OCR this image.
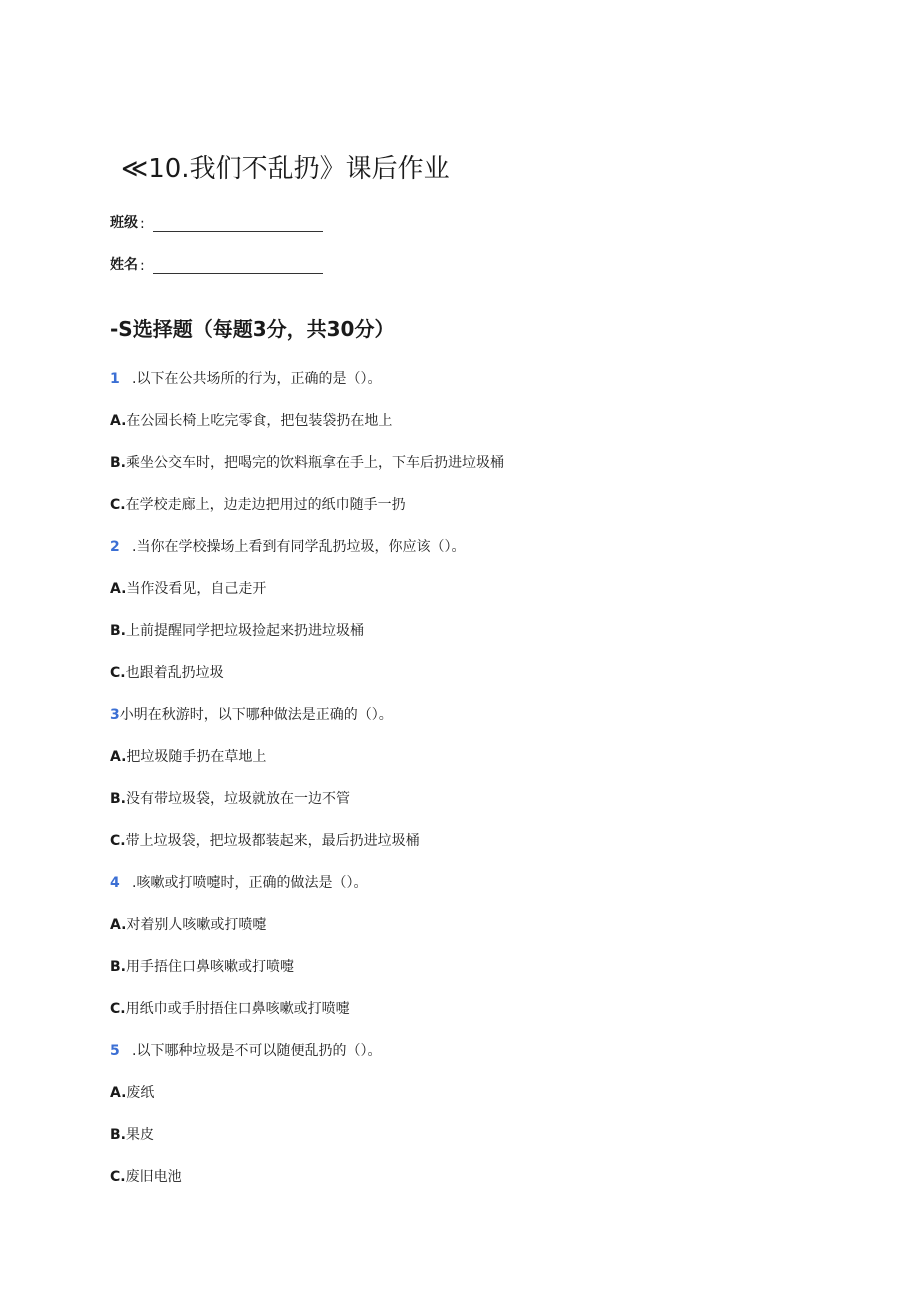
≪10.我们不乱扔》课后作业
班级 :
姓名 :
-S选择题（每题3分，共30分）
1 .以下在公共场所的行为，正确的是（）。
A.在公园长椅上吃完零食，把包装袋扔在地上
B.乘坐公交车时，把喝完的饮料瓶拿在手上，下车后扔进垃圾桶
C.在学校走廊上，边走边把用过的纸巾随手一扔
2 .当你在学校操场上看到有同学乱扔垃圾，你应该（）。
A.当作没看见，自己走开
B.上前提醒同学把垃圾捡起来扔进垃圾桶
C.也跟着乱扔垃圾
3小明在秋游时，以下哪种做法是正确的（）。
A.把垃圾随手扔在草地上
B.没有带垃圾袋，垃圾就放在一边不管
C.带上垃圾袋，把垃圾都装起来，最后扔进垃圾桶
4 .咳嗽或打喷嚏时，正确的做法是（）。
A.对着别人咳嗽或打喷嚏
B.用手捂住口鼻咳嗽或打喷嚏
C.用纸巾或手肘捂住口鼻咳嗽或打喷嚏
5 .以下哪种垃圾是不可以随便乱扔的（）。
A.废纸
B.果皮
C.废旧电池
